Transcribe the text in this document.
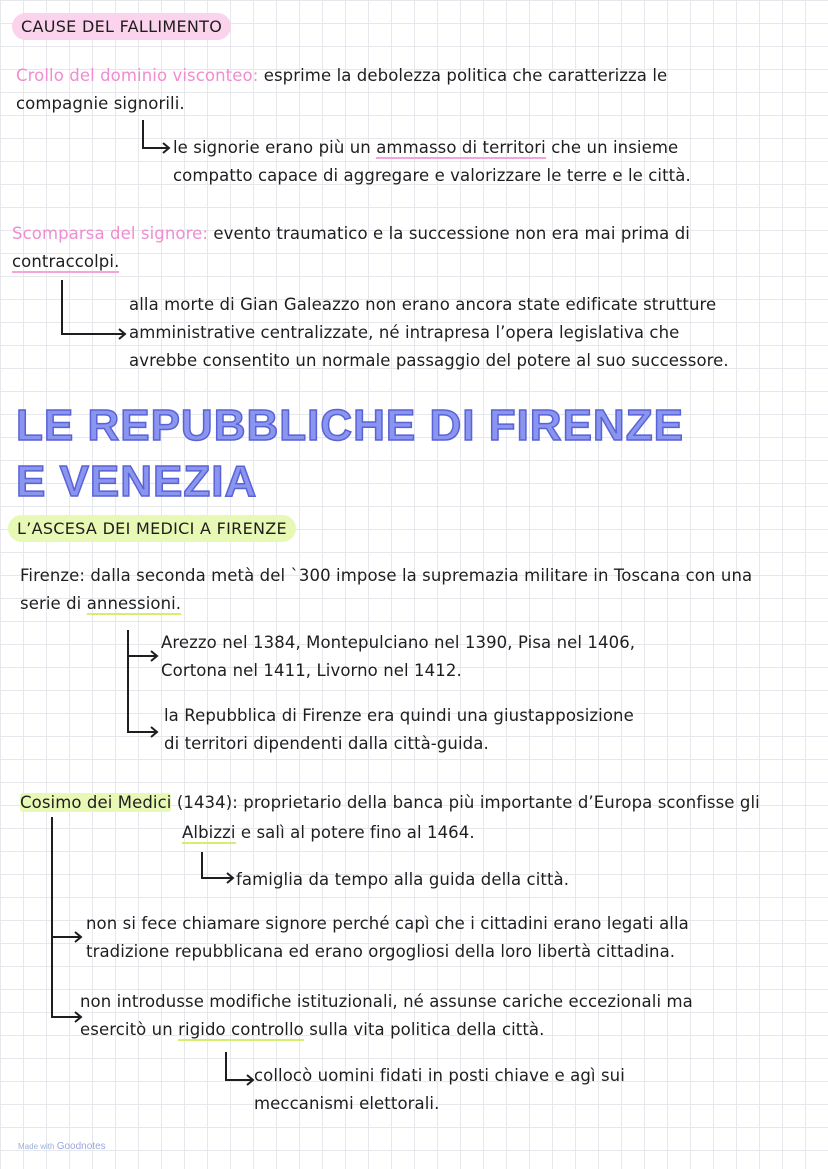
CAUSE DEL FALLIMENTO
Crollo del dominio visconteo: esprime la debolezza politica che caratterizza le
compagnie signorili.
le signorie erano più un ammasso di territori che un insieme
compatto capace di aggregare e valorizzare le terre e le città.
Scomparsa del signore: evento traumatico e la successione non era mai prima di
contraccolpi.
alla morte di Gian Galeazzo non erano ancora state edificate strutture
amministrative centralizzate, né intrapresa l’opera legislativa che
avrebbe consentito un normale passaggio del potere al suo successore.
LE REPUBBLICHE DI FIRENZE
E VENEZIA
L’ASCESA DEI MEDICI A FIRENZE
Firenze: dalla seconda metà del `300 impose la supremazia militare in Toscana con una
serie di annessioni.
Arezzo nel 1384, Montepulciano nel 1390, Pisa nel 1406,
Cortona nel 1411, Livorno nel 1412.
la Repubblica di Firenze era quindi una giustapposizione
di territori dipendenti dalla città-guida.
Cosimo dei Medici (1434): proprietario della banca più importante d’Europa sconfisse gli
Albizzi e salì al potere fino al 1464.
famiglia da tempo alla guida della città.
non si fece chiamare signore perché capì che i cittadini erano legati alla
tradizione repubblicana ed erano orgogliosi della loro libertà cittadina.
non introdusse modifiche istituzionali, né assunse cariche eccezionali ma
esercitò un rigido controllo sulla vita politica della città.
collocò uomini fidati in posti chiave e agì sui
meccanismi elettorali.
Made with Goodnotes
